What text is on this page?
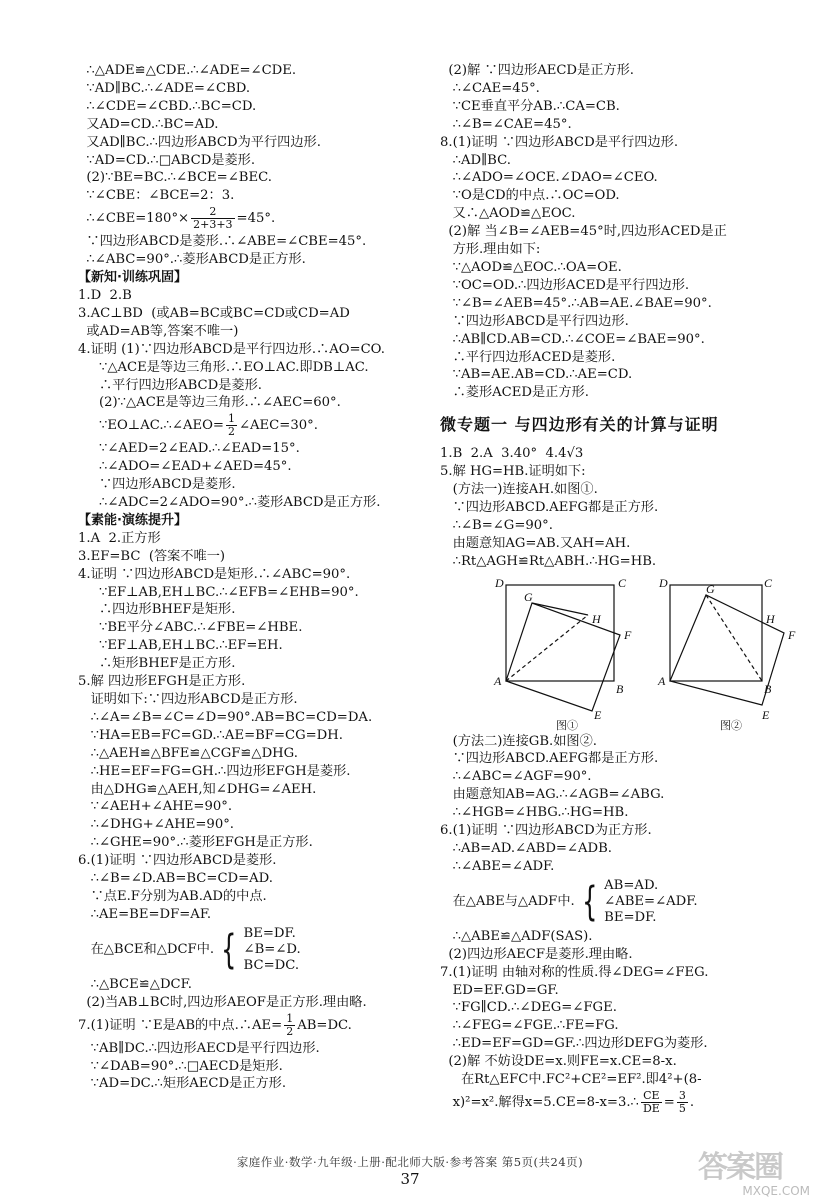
∴△ADE≌△CDE.∴∠ADE=∠CDE.
∵AD∥BC.∴∠ADE=∠CBD.
∴∠CDE=∠CBD.∴BC=CD.
又AD=CD.∴BC=AD.
又AD∥BC.∴四边形ABCD为平行四边形.
∵AD=CD.∴□ABCD是菱形.
(2)∵BE=BC.∴∠BCE=∠BEC.
∵∠CBE：∠BCE=2：3.
∴∠CBE=180°× $\frac{2}{2+3+3} =45^\circ$.
∵四边形ABCD是菱形.∴∠ABE=∠CBE=45°.
∴∠ABC=90°.∴菱形ABCD是正方形.
【新知·训练巩固】
1.D  2.B
3.AC⊥BD  (或AB=BC或BC=CD或CD=AD
或AD=AB等,答案不唯一)
4.证明 (1)∵四边形ABCD是平行四边形.∴AO=CO.
∵△ACE是等边三角形.∴EO⊥AC.即DB⊥AC.
∴平行四边形ABCD是菱形.
(2)∵△ACE是等边三角形.∴∠AEC=60°.
∵EO⊥AC.∴∠AEO= $\frac{1}{2}$ ∠AEC=30°.
∵∠AED=2∠EAD.∴∠EAD=15°.
∴∠ADO=∠EAD+∠AED=45°.
∵四边形ABCD是菱形.
∴∠ADC=2∠ADO=90°.∴菱形ABCD是正方形.
【素能·演练提升】
1.A  2.正方形
3.EF=BC  (答案不唯一)
4.证明 ∵四边形ABCD是矩形.∴∠ABC=90°.
∵EF⊥AB,EH⊥BC.∴∠EFB=∠EHB=90°.
∴四边形BHEF是矩形.
∵BE平分∠ABC.∴∠FBE=∠HBE.
∵EF⊥AB,EH⊥BC.∴EF=EH.
∴矩形BHEF是正方形.
5.解 四边形EFGH是正方形.
证明如下:∵四边形ABCD是正方形.
∴∠A=∠B=∠C=∠D=90°.AB=BC=CD=DA.
∵HA=EB=FC=GD.∴AE=BF=CG=DH.
∴△AEH≌△BFE≌△CGF≌△DHG.
∴HE=EF=FG=GH.∴四边形EFGH是菱形.
由△DHG≌△AEH,知∠DHG=∠AEH.
∵∠AEH+∠AHE=90°.
∴∠DHG+∠AHE=90°.
∴∠GHE=90°.∴菱形EFGH是正方形.
6.(1)证明 ∵四边形ABCD是菱形.
∴∠B=∠D.AB=BC=CD=AD.
∵点E.F分别为AB.AD的中点.
∴AE=BE=DF=AF.
在△BCE和△DCF中. { BE=DF.
∠B=∠D.
BC=DC.
∴△BCE≌△DCF.
(2)当AB⊥BC时,四边形AEOF是正方形.理由略.
7.(1)证明 ∵E是AB的中点.∴AE= $\frac{1}{2} AB=DC$.
∵AB∥DC.∴四边形AECD是平行四边形.
∵∠DAB=90°.∴□AECD是矩形.
∵AD=DC.∴矩形AECD是正方形.
(2)解 ∵四边形AECD是正方形.
∴∠CAE=45°.
∵CE垂直平分AB.∴CA=CB.
∴∠B=∠CAE=45°.
8.(1)证明 ∵四边形ABCD是平行四边形.
∴AD∥BC.
∴∠ADO=∠OCE.∠DAO=∠CEO.
∵O是CD的中点.∴OC=OD.
又∴△AOD≌△EOC.
(2)解 当∠B=∠AEB=45°时,四边形ACED是正
方形.理由如下:
∵△AOD≌△EOC.∴OA=OE.
∵OC=OD.∴四边形ACED是平行四边形.
∵∠B=∠AEB=45°.∴AB=AE.∠BAE=90°.
∵四边形ABCD是平行四边形.
∴AB∥CD.AB=CD.∴∠COE=∠BAE=90°.
∴平行四边形ACED是菱形.
∵AB=AE.AB=CD.∴AE=CD.
∴菱形ACED是正方形.
微专题一 与四边形有关的计算与证明
1.B  2.A  3.40°  4.4√3
5.解 HG=HB.证明如下:
(方法一)连接AH.如图①.
∵四边形ABCD.AEFG都是正方形.
∴∠B=∠G=90°.
由题意知AG=AB.又AH=AH.
∴Rt△AGH≌Rt△ABH.∴HG=HB.
D	C
G
H
F
A
B
E
图①
D	C
G
H
F
A
B
E
图②
(方法二)连接GB.如图②.
∵四边形ABCD.AEFG都是正方形.
∴∠ABC=∠AGF=90°.
由题意知AB=AG.∴∠AGB=∠ABG.
∴∠HGB=∠HBG.∴HG=HB.
6.(1)证明 ∵四边形ABCD为正方形.
∴AB=AD.∠ABD=∠ADB.
∴∠ABE=∠ADF.
在△ABE与△ADF中. { AB=AD.
∠ABE=∠ADF.
BE=DF.
∴△ABE≌△ADF(SAS).
(2)四边形AECF是菱形.理由略.
7.(1)证明 由轴对称的性质.得∠DEG=∠FEG.
ED=EF.GD=GF.
∵FG∥CD.∴∠DEG=∠FGE.
∴∠FEG=∠FGE.∴FE=FG.
∴ED=EF=GD=GF.∴四边形DEFG为菱形.
(2)解 不妨设DE=x.则FE=x.CE=8-x.
在Rt△EFC中.FC²+CE²=EF².即4²+(8-
x)²=x².解得x=5.CE=8-x=3.∴ $\frac{CE}{DE} = \frac{3}{5}$ .
家庭作业·数学·九年级·上册·配北师大版·参考答案 第5页(共24页)
37	答案圈
MXQE.COM
